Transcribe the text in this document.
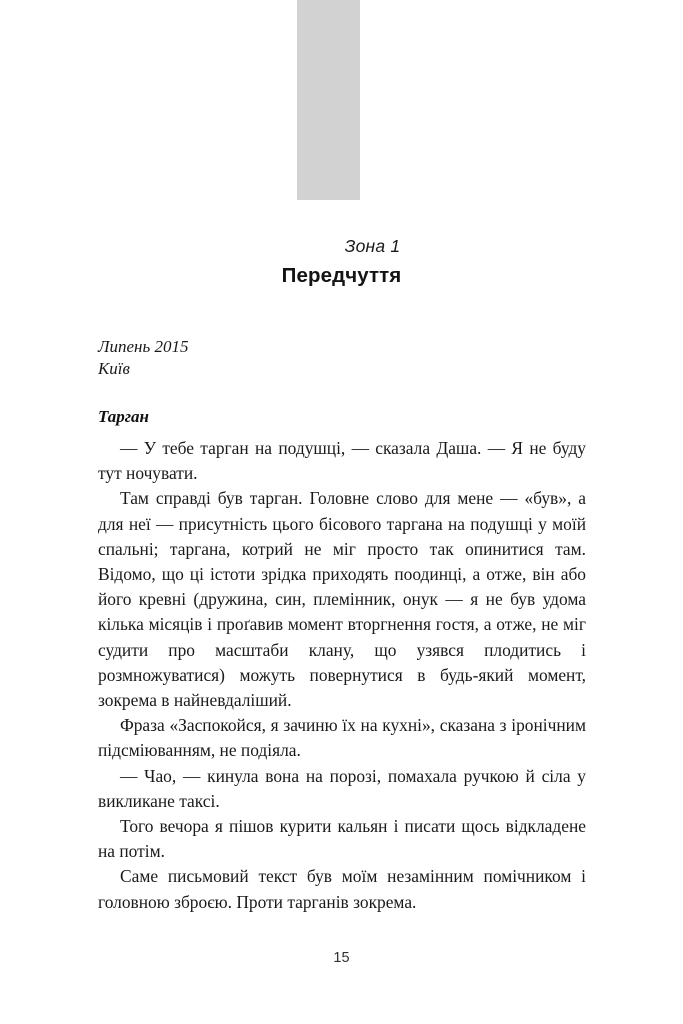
Зона 1
Передчуття
Липень 2015
Київ
Тарган

— У тебе тарган на подушці, — сказала Даша. — Я не буду тут ночувати.

Там справді був тарган. Головне слово для мене — «був», а для неї — присутність цього бісового таргана на подушці у моїй спальні; таргана, котрий не міг просто так опинитися там. Відомо, що ці істоти зрідка приходять поодинці, а отже, він або його кревні (дружина, син, племінник, онук — я не був удома кілька місяців і проґавив момент вторгнення гостя, а отже, не міг судити про масштаби клану, що узявся плодитись і розмножуватися) можуть повернутися в будь-який момент, зокрема в найневдаліший.

Фраза «Заспокойся, я зачиню їх на кухні», сказана з іронічним підсміюванням, не подіяла.

— Чао, — кинула вона на порозі, помахала ручкою й сіла у викликане таксі.

Того вечора я пішов курити кальян і писати щось відкладене на потім.

Саме письмовий текст був моїм незамінним помічником і головною зброєю. Проти тарганів зокрема.

15
